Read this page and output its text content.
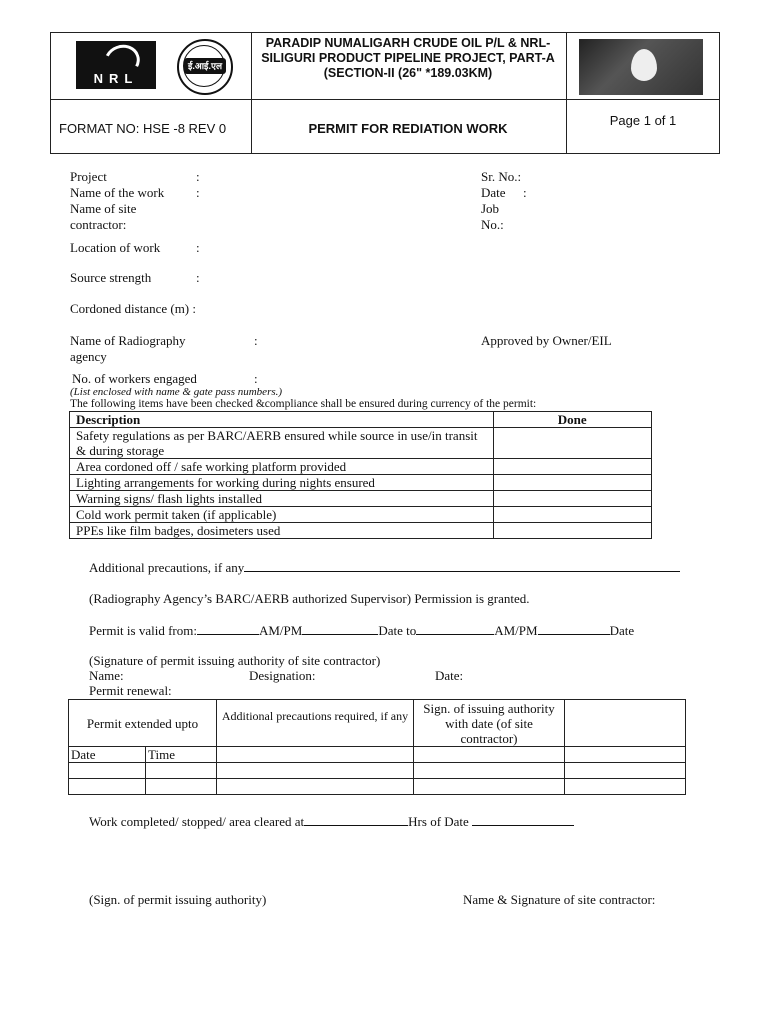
NRL
ई.आई.एल
PARADIP NUMALIGARH CRUDE OIL P/L & NRL-SILIGURI PRODUCT PIPELINE PROJECT, PART-A (SECTION-II (26" *189.03KM)
FORMAT NO: HSE -8 REV 0	PERMIT FOR REDIATION WORK
Page 1 of 1
Project	:
Name of the work :
Name of site
contractor:
Sr. No.:
Date :
Job
No.:
Location of work	:
Source strength	:
Cordoned distance (m) :
Name of Radiography	:
agency
Approved by Owner/EIL
No. of workers engaged	:
(List enclosed with name & gate pass numbers.)
The following items have been checked &compliance shall be ensured during currency of the permit:
Description	Done
Safety regulations as per BARC/AERB ensured while source in use/in transit & during storage	
Area cordoned off / safe working platform provided	
Lighting arrangements for working during nights ensured	
Warning signs/ flash lights installed	
Cold work permit taken (if applicable)	
PPEs like film badges, dosimeters used	
Additional precautions, if any
(Radiography Agency’s BARC/AERB authorized Supervisor) Permission is granted.
Permit is valid from:	AM/PM	Date to	AM/PM	Date
(Signature of permit issuing authority of site contractor)
Name:	Designation:	Date:
Permit renewal:
Permit extended upto		Additional precautions required, if any	Sign. of issuing authority with date (of site contractor)	
Date	Time			

Work completed/ stopped/ area cleared at	Hrs of Date
(Sign. of permit issuing authority)	Name & Signature of site contractor:
